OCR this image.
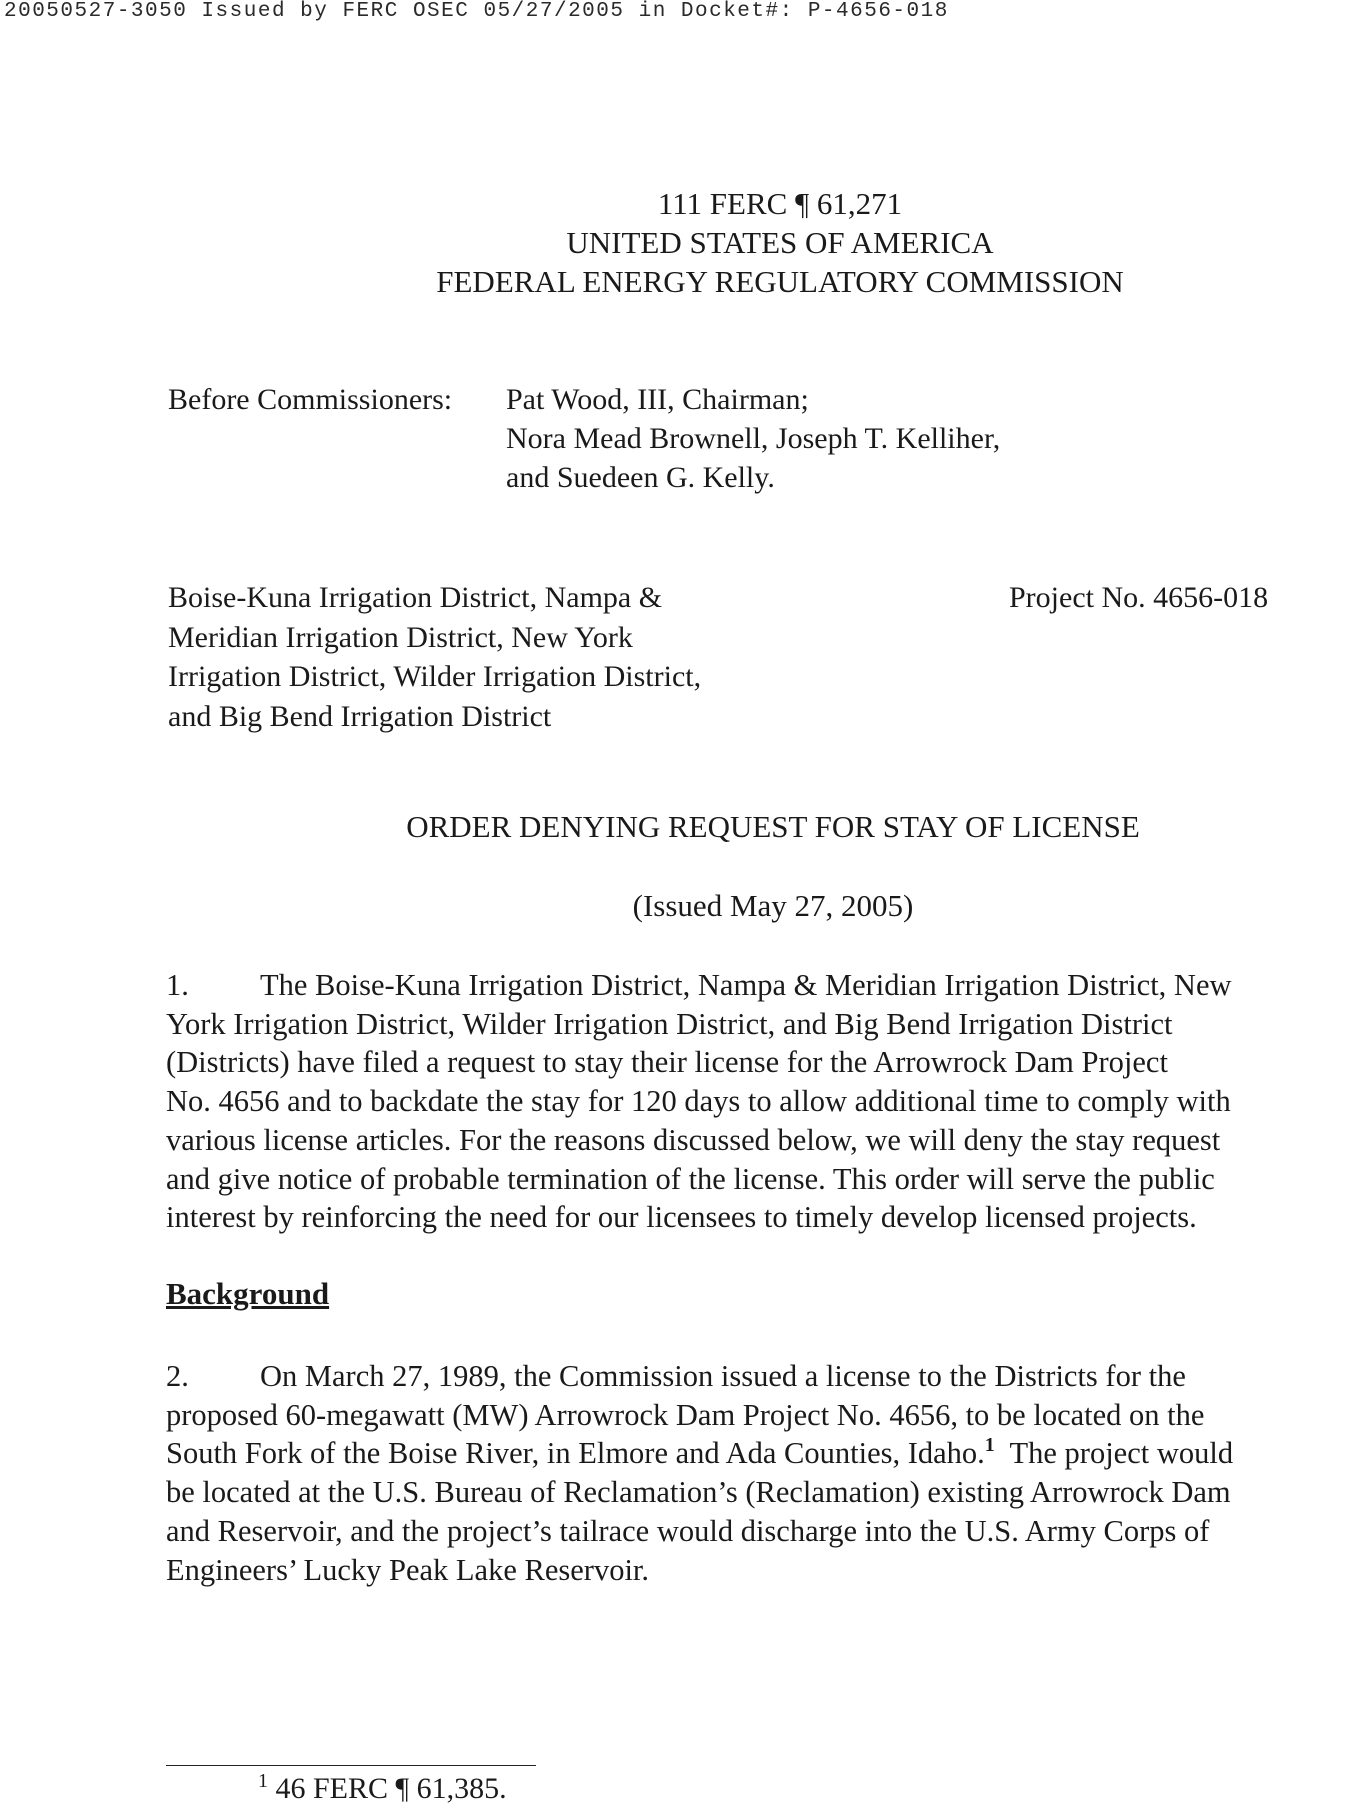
20050527-3050 Issued by FERC OSEC 05/27/2005 in Docket#: P-4656-018
111 FERC ¶ 61,271
UNITED STATES OF AMERICA
FEDERAL ENERGY REGULATORY COMMISSION
Before Commissioners: Pat Wood, III, Chairman;
Nora Mead Brownell, Joseph T. Kelliher,
and Suedeen G. Kelly.
Boise-Kuna Irrigation District, Nampa &
Meridian Irrigation District, New York
Irrigation District, Wilder Irrigation District,
and Big Bend Irrigation District
Project No. 4656-018
ORDER DENYING REQUEST FOR STAY OF LICENSE
(Issued May 27, 2005)
1. The Boise-Kuna Irrigation District, Nampa & Meridian Irrigation District, New
York Irrigation District, Wilder Irrigation District, and Big Bend Irrigation District
(Districts) have filed a request to stay their license for the Arrowrock Dam Project
No. 4656 and to backdate the stay for 120 days to allow additional time to comply with
various license articles. For the reasons discussed below, we will deny the stay request
and give notice of probable termination of the license. This order will serve the public
interest by reinforcing the need for our licensees to timely develop licensed projects.
Background
2. On March 27, 1989, the Commission issued a license to the Districts for the
proposed 60-megawatt (MW) Arrowrock Dam Project No. 4656, to be located on the
South Fork of the Boise River, in Elmore and Ada Counties, Idaho.$^1$  The project would
be located at the U.S. Bureau of Reclamation’s (Reclamation) existing Arrowrock Dam
and Reservoir, and the project’s tailrace would discharge into the U.S. Army Corps of
Engineers’ Lucky Peak Lake Reservoir.
$^1$ 46 FERC ¶ 61,385.
